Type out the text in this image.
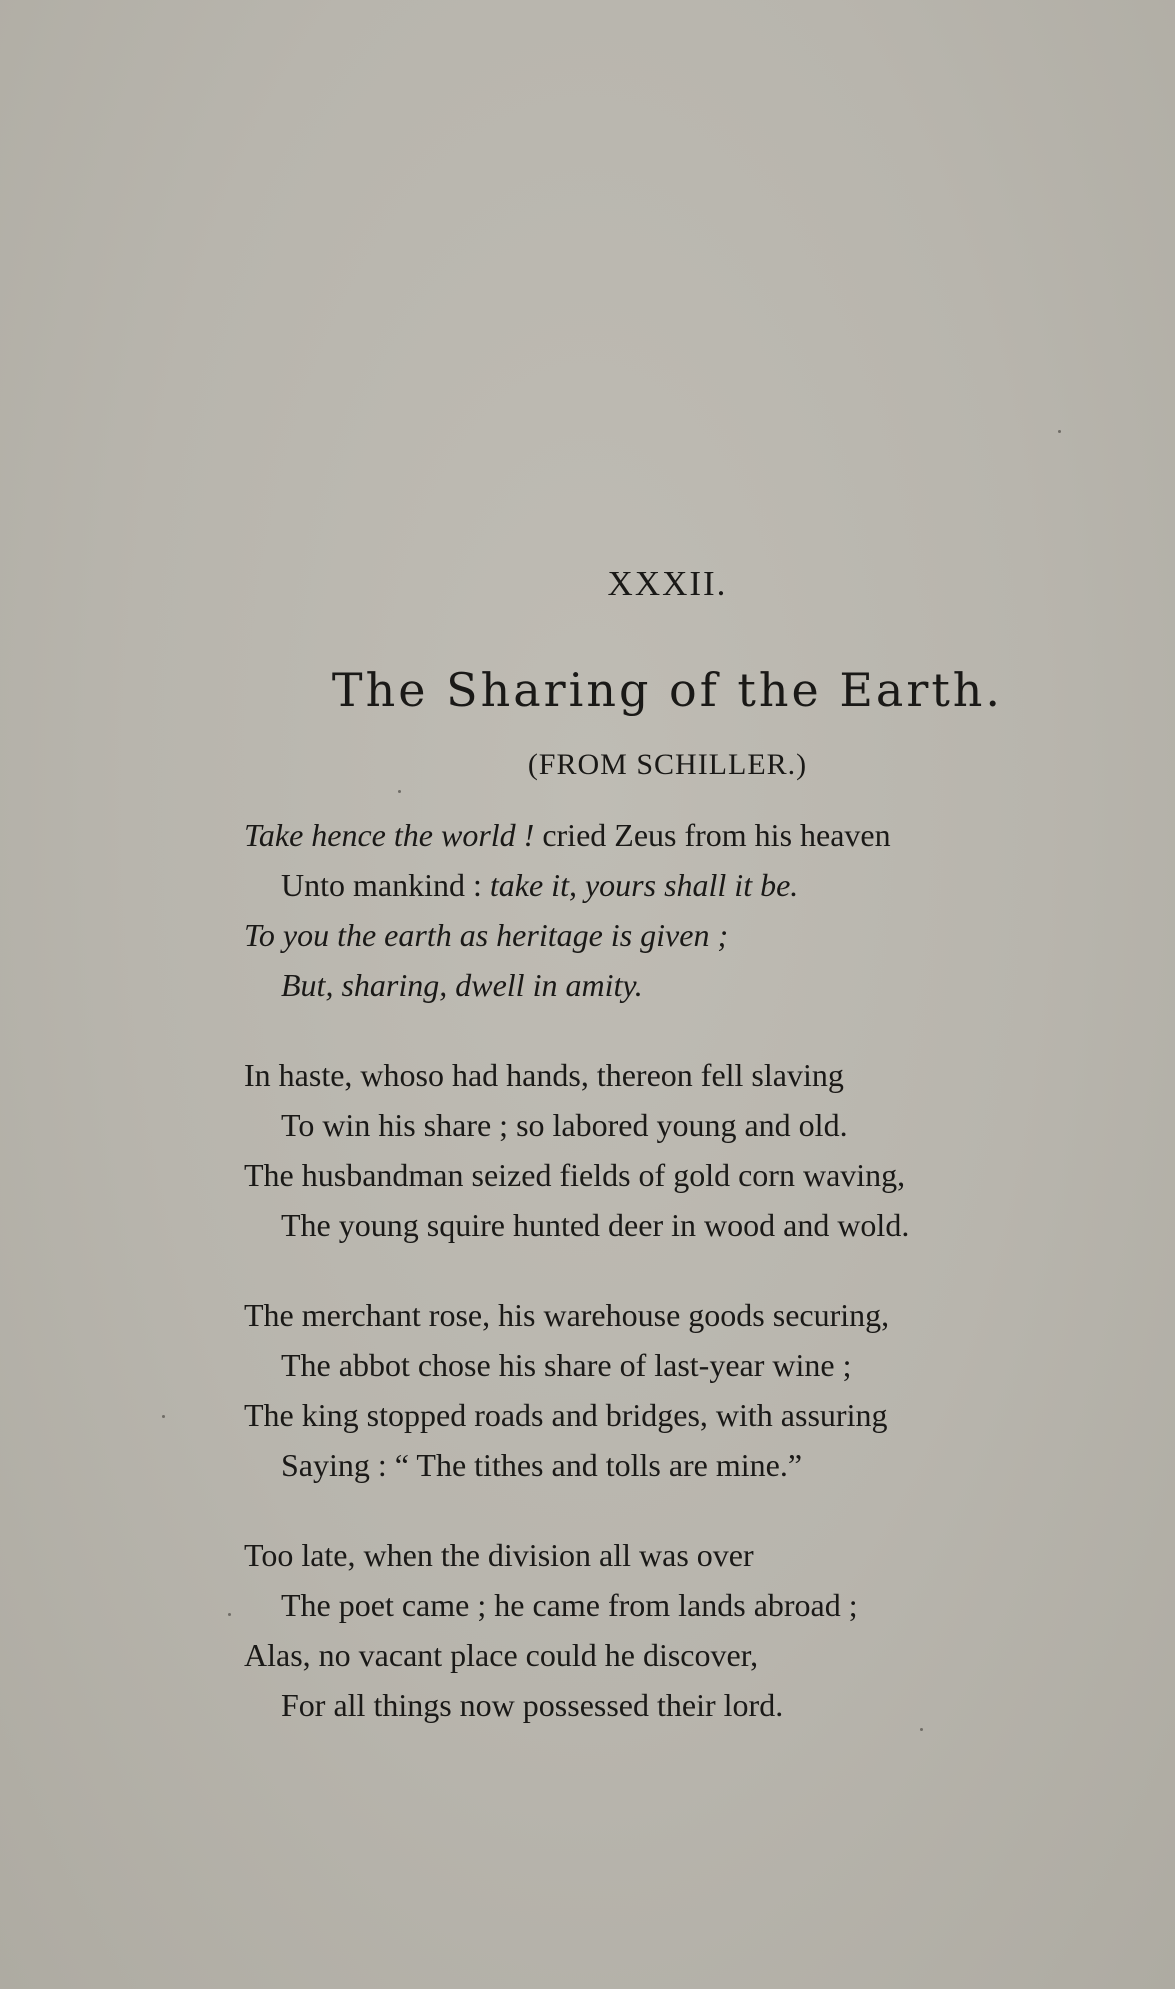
XXXII.
The Sharing of the Earth.
(FROM SCHILLER.)
Take hence the world ! cried Zeus from his heaven
Unto mankind : take it, yours shall it be.
To you the earth as heritage is given ;
But, sharing, dwell in amity.
In haste, whoso had hands, thereon fell slaving
To win his share ; so labored young and old.
The husbandman seized fields of gold corn waving,
The young squire hunted deer in wood and wold.
The merchant rose, his warehouse goods securing,
The abbot chose his share of last-year wine ;
The king stopped roads and bridges, with assuring
Saying : “ The tithes and tolls are mine.”
Too late, when the division all was over
The poet came ; he came from lands abroad ;
Alas, no vacant place could he discover,
For all things now possessed their lord.
